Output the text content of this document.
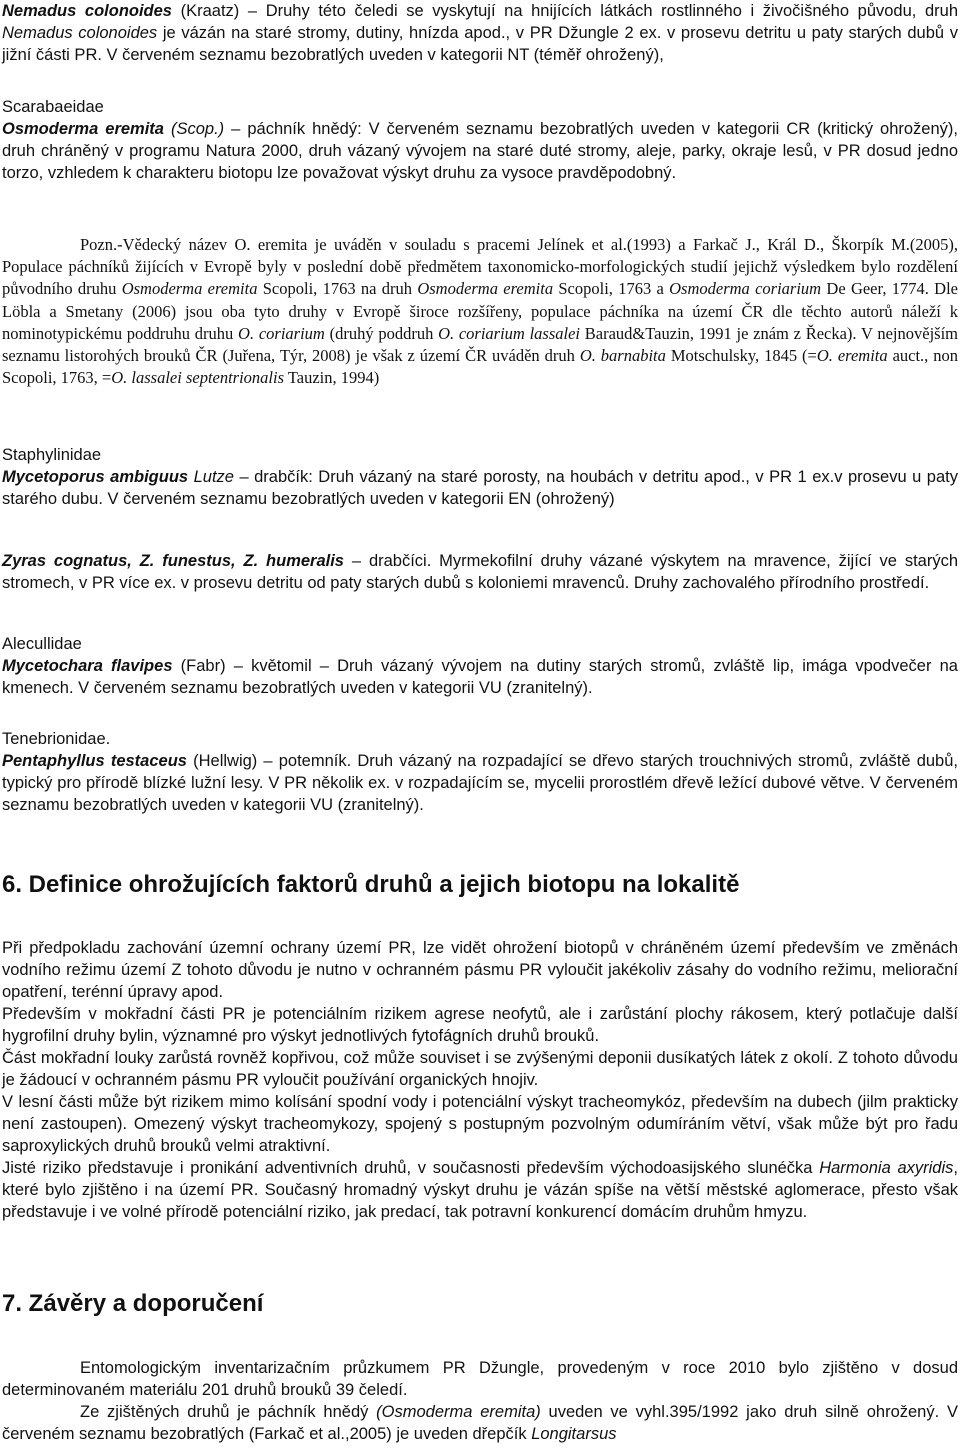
Nemadus colonoides (Kraatz) – Druhy této čeledi se vyskytují na hnijících látkách rostlinného i živočišného původu, druh Nemadus colonoides je vázán na staré stromy, dutiny, hnízda apod., v PR Džungle 2 ex. v prosevu detritu u paty starých dubů v jižní části PR. V červeném seznamu bezobratlých uveden v kategorii NT (téměř ohrožený),

Scarabaeidae

Osmoderma eremita (Scop.) – páchník hnědý: V červeném seznamu bezobratlých uveden v kategorii CR (kritický ohrožený), druh chráněný v programu Natura 2000, druh vázaný vývojem na staré duté stromy, aleje, parky, okraje lesů, v PR dosud jedno torzo, vzhledem k charakteru biotopu lze považovat výskyt druhu za vysoce pravděpodobný.

Pozn.-Vědecký název O. eremita je uváděn v souladu s pracemi Jelínek et al.(1993) a Farkač J., Král D., Škorpík M.(2005), Populace páchníků žijících v Evropě byly v poslední době předmětem taxonomicko-morfologických studií jejichž výsledkem bylo rozdělení původního druhu Osmoderma eremita Scopoli, 1763 na druh Osmoderma eremita Scopoli, 1763 a Osmoderma coriarium De Geer, 1774. Dle Löbla a Smetany (2006) jsou oba tyto druhy v Evropě široce rozšířeny, populace páchníka na území ČR dle těchto autorů náleží k nominotypickému poddruhu druhu O. coriarium (druhý poddruh O. coriarium lassalei Baraud&Tauzin, 1991 je znám z Řecka). V nejnovějším seznamu listorohých brouků ČR (Juřena, Týr, 2008) je však z území ČR uváděn druh O. barnabita Motschulsky, 1845 (=O. eremita auct., non Scopoli, 1763, =O. lassalei septentrionalis Tauzin, 1994)

Staphylinidae

Mycetoporus ambiguus Lutze – drabčík: Druh vázaný na staré porosty, na houbách v detritu apod., v PR 1 ex.v prosevu u paty starého dubu. V červeném seznamu bezobratlých uveden v kategorii EN (ohrožený)

Zyras cognatus, Z. funestus, Z. humeralis – drabčíci. Myrmekofilní druhy vázané výskytem na mravence, žijící ve starých stromech, v PR více ex. v prosevu detritu od paty starých dubů s koloniemi mravenců. Druhy zachovalého přírodního prostředí.

Alecullidae

Mycetochara flavipes (Fabr) – květomil – Druh vázaný vývojem na dutiny starých stromů, zvláště lip, imága vpodvečer na kmenech. V červeném seznamu bezobratlých uveden v kategorii VU (zranitelný).

Tenebrionidae.

Pentaphyllus testaceus (Hellwig) – potemník. Druh vázaný na rozpadající se dřevo starých trouchnivých stromů, zvláště dubů, typický pro přírodě blízké lužní lesy. V PR několik ex. v rozpadajícím se, mycelii prorostlém dřevě ležící dubové větve. V červeném seznamu bezobratlých uveden v kategorii VU (zranitelný).

6. Definice ohrožujících faktorů druhů a jejich biotopu na lokalitě

Při předpokladu zachování územní ochrany území PR, lze vidět ohrožení biotopů v chráněném území především ve změnách vodního režimu území Z tohoto důvodu je nutno v ochranném pásmu PR vyloučit jakékoliv zásahy do vodního režimu, meliorační opatření, terénní úpravy apod.

Především v mokřadní části PR je potenciálním rizikem agrese neofytů, ale i zarůstání plochy rákosem, který potlačuje další hygrofilní druhy bylin, významné pro výskyt jednotlivých fytofágních druhů brouků.

Část mokřadní louky zarůstá rovněž kopřivou, což může souviset i se zvýšenými deponii dusíkatých látek z okolí. Z tohoto důvodu je žádoucí v ochranném pásmu PR vyloučit používání organických hnojiv.

V lesní části může být rizikem mimo kolísání spodní vody i potenciální výskyt tracheomykóz, především na dubech (jilm prakticky není zastoupen). Omezený výskyt tracheomykozy, spojený s postupným pozvolným odumíráním větví, však může být pro řadu saproxylických druhů brouků velmi atraktivní.

Jisté riziko představuje i pronikání adventivních druhů, v současnosti především východoasijského slunéčka Harmonia axyridis, které bylo zjištěno i na území PR. Současný hromadný výskyt druhu je vázán spíše na větší městské aglomerace, přesto však představuje i ve volné přírodě potenciální riziko, jak predací, tak potravní konkurencí domácím druhům hmyzu.

7. Závěry a doporučení

Entomologickým inventarizačním průzkumem PR Džungle, provedeným v roce 2010 bylo zjištěno v dosud determinovaném materiálu 201 druhů brouků 39 čeledí.

Ze zjištěných druhů je páchník hnědý (Osmoderma eremita) uveden ve vyhl.395/1992 jako druh silně ohrožený. V červeném seznamu bezobratlých (Farkač et al.,2005) je uveden dřepčík Longitarsus
